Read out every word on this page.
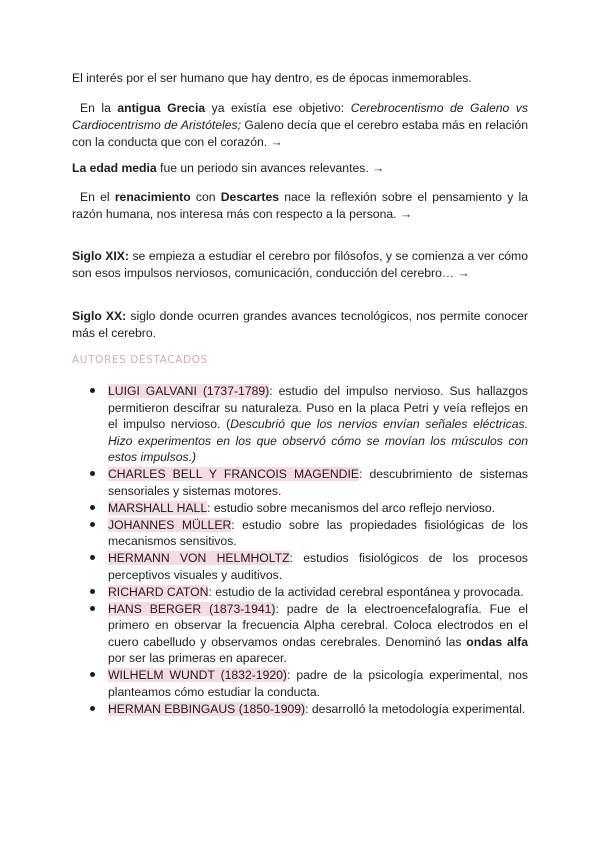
El interés por el ser humano que hay dentro, es de épocas inmemorables.

En la antigua Grecia ya existía ese objetivo: Cerebrocentismo de Galeno vs Cardiocentrismo de Aristóteles; Galeno decía que el cerebro estaba más en relación con la conducta que con el corazón. →

La edad media fue un periodo sin avances relevantes. →

En el renacimiento con Descartes nace la reflexión sobre el pensamiento y la razón humana, nos interesa más con respecto a la persona. →

Siglo XIX: se empieza a estudiar el cerebro por filósofos, y se comienza a ver cómo son esos impulsos nerviosos, comunicación, conducción del cerebro… →

Siglo XX: siglo donde ocurren grandes avances tecnológicos, nos permite conocer más el cerebro.

AUTORES DESTACADOS
LUIGI GALVANI (1737-1789): estudio del impulso nervioso. Sus hallazgos permitieron descifrar su naturaleza. Puso en la placa Petri y veía reflejos en el impulso nervioso. (Descubrió que los nervios envían señales eléctricas. Hizo experimentos en los que observó cómo se movían los músculos con estos impulsos.)
CHARLES BELL Y FRANCOIS MAGENDIE: descubrimiento de sistemas sensoriales y sistemas motores.
MARSHALL HALL: estudio sobre mecanismos del arco reflejo nervioso.
JOHANNES MÜLLER: estudio sobre las propiedades fisiológicas de los mecanismos sensitivos.
HERMANN VON HELMHOLTZ: estudios fisiológicos de los procesos perceptivos visuales y auditivos.
RICHARD CATON: estudio de la actividad cerebral espontánea y provocada.
HANS BERGER (1873-1941): padre de la electroencefalografía. Fue el primero en observar la frecuencia Alpha cerebral. Coloca electrodos en el cuero cabelludo y observamos ondas cerebrales. Denominó las ondas alfa por ser las primeras en aparecer.
WILHELM WUNDT (1832-1920): padre de la psicología experimental, nos planteamos cómo estudiar la conducta.
HERMAN EBBINGAUS (1850-1909): desarrolló la metodología experimental.
